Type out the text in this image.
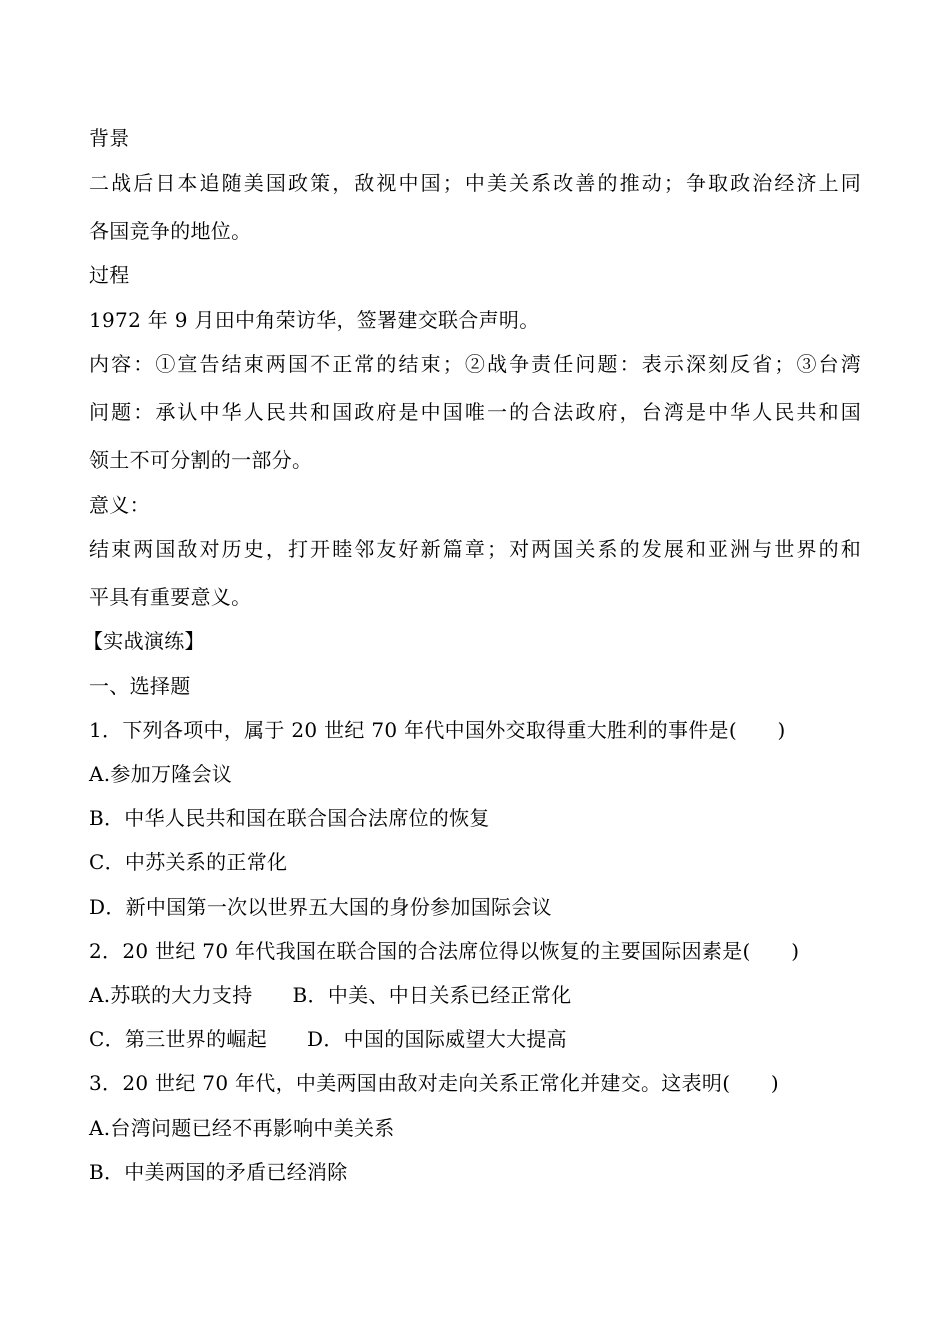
背景
二战后日本追随美国政策，敌视中国；中美关系改善的推动；争取政治经济上同
各国竞争的地位。
过程
1972 年 9 月田中角荣访华，签署建交联合声明。
内容：①宣告结束两国不正常的结束；②战争责任问题：表示深刻反省；③台湾
问题：承认中华人民共和国政府是中国唯一的合法政府，台湾是中华人民共和国
领土不可分割的一部分。
意义：
结束两国敌对历史，打开睦邻友好新篇章；对两国关系的发展和亚洲与世界的和
平具有重要意义。
【实战演练】
一、选择题
1．下列各项中，属于 20 世纪 70 年代中国外交取得重大胜利的事件是(　　)
A.参加万隆会议
B．中华人民共和国在联合国合法席位的恢复
C．中苏关系的正常化
D．新中国第一次以世界五大国的身份参加国际会议
2．20 世纪 70 年代我国在联合国的合法席位得以恢复的主要国际因素是(　　)
A.苏联的大力支持 B．中美、中日关系已经正常化
C．第三世界的崛起 D．中国的国际威望大大提高
3．20 世纪 70 年代，中美两国由敌对走向关系正常化并建交。这表明(　　)
A.台湾问题已经不再影响中美关系
B．中美两国的矛盾已经消除
